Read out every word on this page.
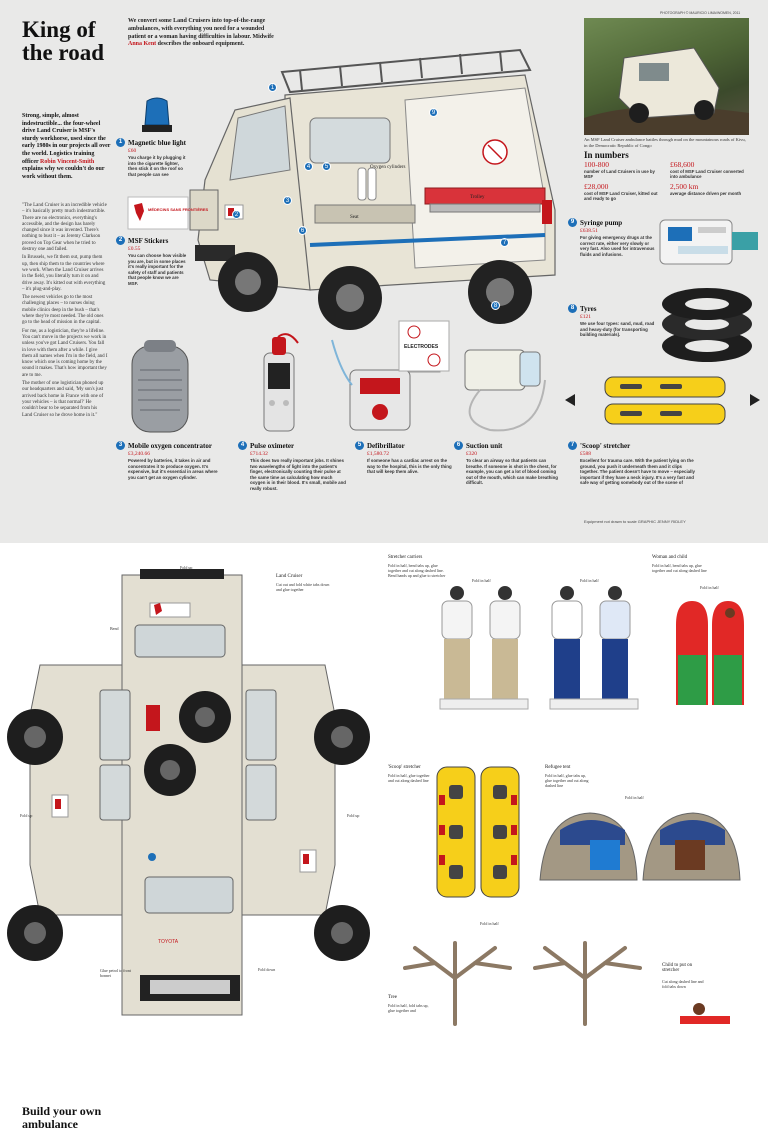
King of the road
Strong, simple, almost indestructible... the four-wheel drive Land Cruiser is MSF's sturdy workhorse, used since the early 1980s in our projects all over the world. Logistics training officer Robin Vincent-Smith explains why we couldn't do our work without them.

"The Land Cruiser is an incredible vehicle – it's basically pretty much indestructible. There are no electronics, everything's accessible, and the design has barely changed since it was invented. There's nothing to bust it – as Jeremy Clarkson proved on Top Gear when he tried to destroy one and failed.

In Brussels, we fit them out, pump them up, then ship them to the countries where we work. When the Land Cruiser arrives in the field, you literally turn it on and drive away. It's kitted out with everything – it's plug-and-play.

The newest vehicles go to the most challenging places – to nurses doing mobile clinics deep in the bush – that's where they're most needed. The old ones go to the head of mission in the capital.

For me, as a logistician, they're a lifeline. You can't move in the projects we work in unless you've got Land Cruisers. You fall in love with them after a while. I give them all names when I'm in the field, and I know which one is coming home by the sound it makes. That's how important they are to me.

The mother of one logistician phoned up our headquarters and said, 'My son's just arrived back home in France with one of your vehicles – is that normal?' He couldn't bear to be separated from his Land Cruiser so he drove home in it."

We convert some Land Cruisers into top-of-the-range ambulances, with everything you need for a wounded patient or a woman having difficulties in labour. Midwife Anna Kent describes the onboard equipment.
Oxygen cylinders
Seat
Trolley
1
2
3
4	5
6
7
8
9
MÉDECINS SANS FRONTIÈRES
ELECTRODES
PHOTOGRAPH © MAURICIO LIMA/WOMEN, 2011
An MSF Land Cruiser ambulance battles through mud on the mountainous roads of Kivu, in the Democratic Republic of Congo
In numbers
100-800
number of Land Cruisers in use by MSF
£68,600
cost of MSF Land Cruiser converted into ambulance
£28,000
cost of MSF Land Cruiser, kitted out and ready to go
2,500 km
average distance driven per month
1 Magnetic blue light
£60
You charge it by plugging it into the cigarette lighter, then stick it on the roof so that people can see
2 MSF Stickers
£0.55
You can choose how visible you are, but in some places it's really important for the safety of staff and patients that people know we are MSF.
3 Mobile oxygen concentrator
£3,240.66
Powered by batteries, it takes in air and concentrates it to produce oxygen. It's expensive, but it's essential in areas where you can't get an oxygen cylinder.
4 Pulse oximeter
£714.32
This does two really important jobs. It shines two wavelengths of light into the patient's finger, electronically counting their pulse at the same time as calculating how much oxygen is in their blood. It's small, mobile and really robust.
5 Defibrillator
£1,580.72
If someone has a cardiac arrest on the way to the hospital, this is the only thing that will keep them alive.
6 Suction unit
£320
To clear an airway so that patients can breathe. If someone is shot in the chest, for example, you can get a lot of blood coming out of the mouth, which can make breathing difficult.
7 'Scoop' stretcher
£588
Excellent for trauma care. With the patient lying on the ground, you push it underneath them and it clips together. The patient doesn't have to move – especially important if they have a neck injury. It's a very fast and safe way of getting somebody out of the scene of
8 Tyres
£121
We use four types: sand, mud, road and heavy-duty (for transporting building materials).
9 Syringe pump
£638.51
For giving emergency drugs at the correct rate, either very slowly or very fast. Also used for intravenous fluids and infusions.
Equipment not drawn to scale GRAPHIC JENNY RIDLEY
TOYOTA
Build your own ambulance
Land Cruiser
Cut out and fold white tabs down and glue together
Fold up
Bend
Fold up	Fold up
Fold down
Glue petrol to front bonnet
Stretcher carriers
Fold in half, bend tabs up, glue together and cut along dashed line. Bend hands up and glue to stretcher
Fold in half	Fold in half
Woman and child
Fold in half, bend tabs up, glue together and cut along dashed line
Fold in half
'Scoop' stretcher
Fold in half, glue together and cut along dashed line
Refugee tent
Fold in half, glue tabs up, glue together and cut along dashed line
Fold in half
Fold in half
Tree
Fold in half, fold tabs up, glue together and
Child to put on stretcher
Cut along dashed line and fold tabs down
